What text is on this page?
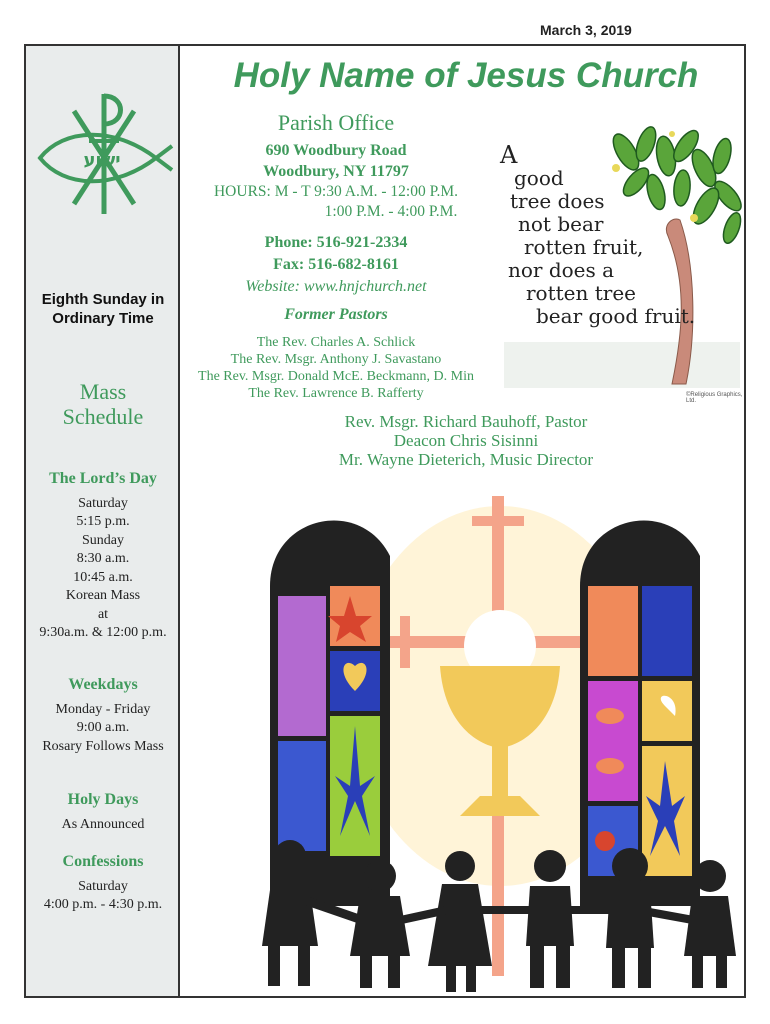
March 3, 2019
ישוע
Eighth Sunday in
Ordinary Time
Mass
Schedule
The Lord’s Day
Saturday
5:15 p.m.
Sunday
8:30 a.m.
10:45 a.m.
Korean Mass
at
9:30a.m. & 12:00 p.m.
Weekdays
Monday - Friday
9:00 a.m.
Rosary Follows Mass
Holy Days
As Announced
Confessions
Saturday
4:00 p.m. - 4:30 p.m.
Holy Name of Jesus Church
Parish Office
690 Woodbury Road
Woodbury, NY 11797
HOURS: M - T 9:30 A.M. - 12:00 P.M.
1:00 P.M. - 4:00 P.M.
Phone: 516-921-2334
Fax: 516-682-8161
Website: www.hnjchurch.net
Former Pastors
The Rev. Charles A. Schlick
The Rev. Msgr. Anthony J. Savastano
The Rev. Msgr. Donald McE. Beckmann, D. Min
The Rev. Lawrence B. Rafferty
Rev. Msgr. Richard Bauhoff, Pastor
Deacon Chris Sisinni
Mr. Wayne Dieterich, Music Director
A
good
tree does
not bear
rotten fruit,
nor does a
rotten tree
bear good fruit.
©Religious Graphics, Ltd.
